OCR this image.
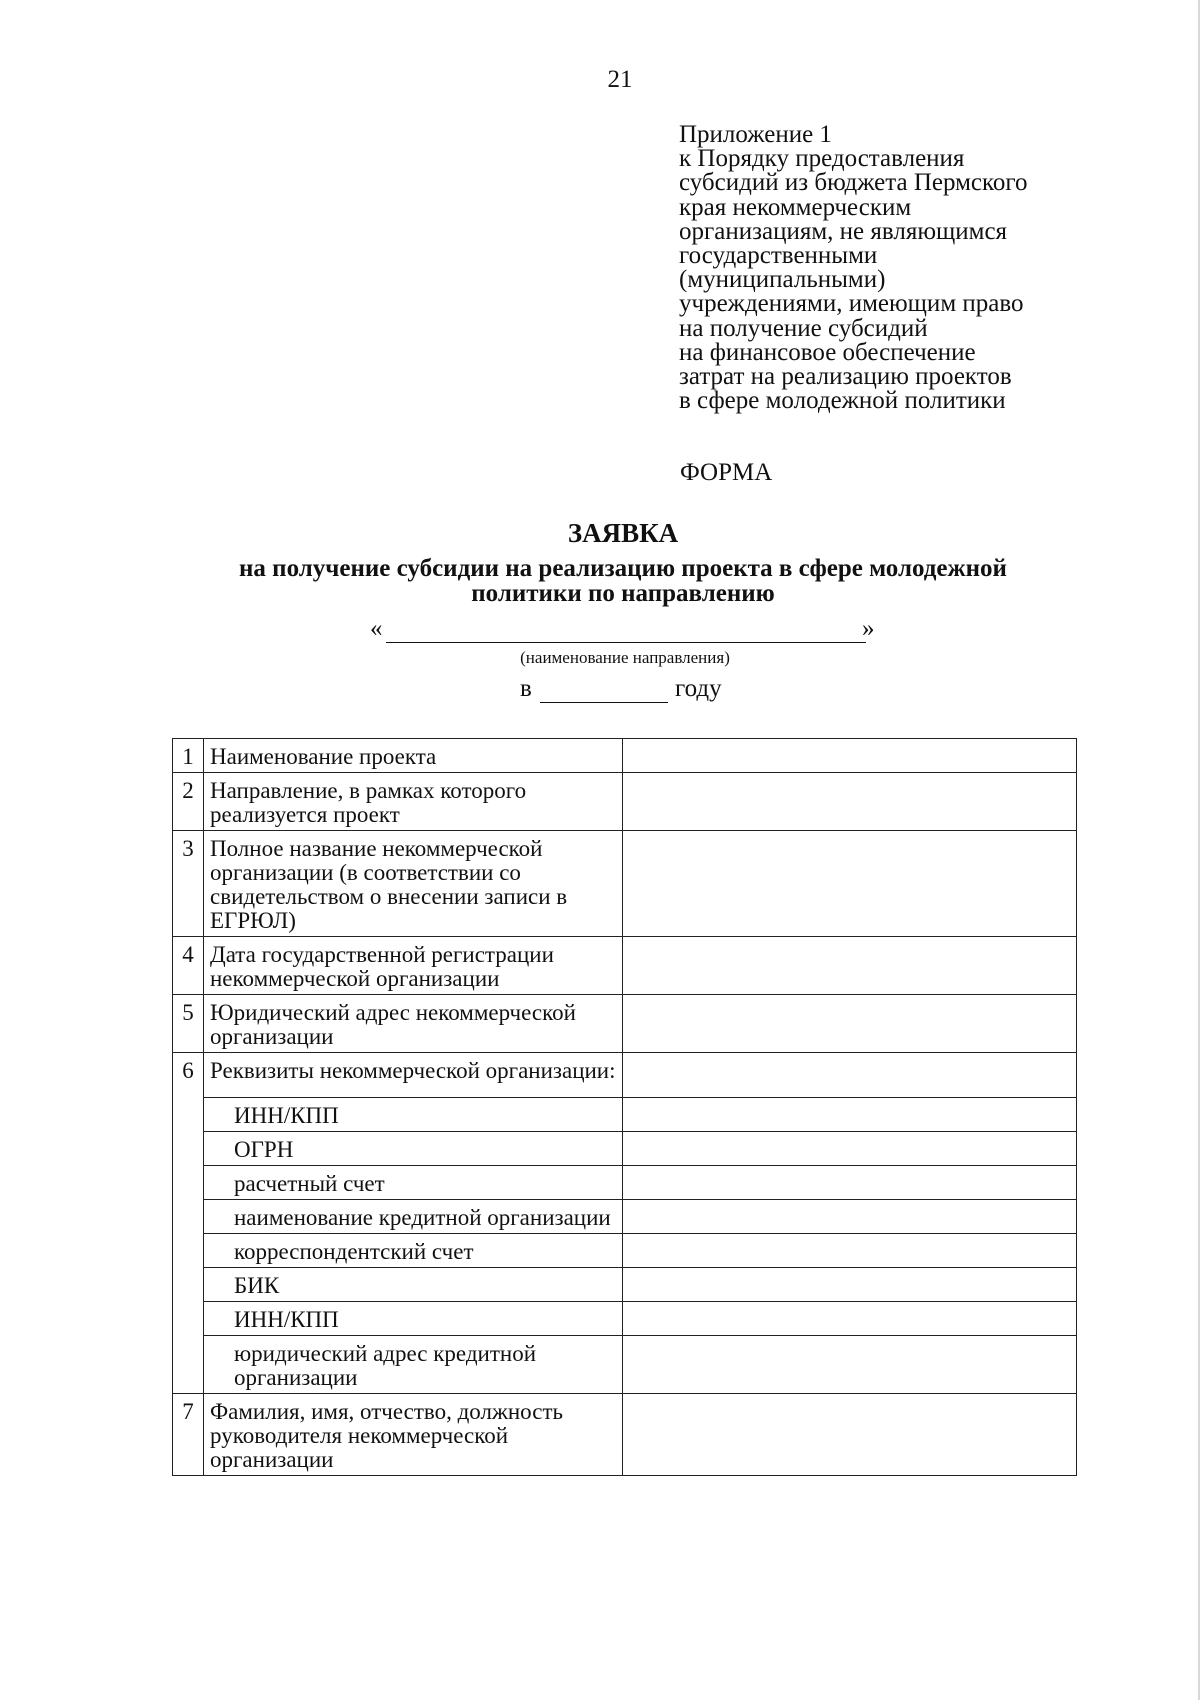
21
Приложение 1
к Порядку предоставления
субсидий из бюджета Пермского
края некоммерческим
организациям, не являющимся
государственными
(муниципальными)
учреждениями, имеющим право
на получение субсидий
на финансовое обеспечение
затрат на реализацию проектов
в сфере молодежной политики
ФОРМА
ЗАЯВКА
на получение субсидии на реализацию проекта в сфере молодежной
политики по направлению
«	»
(наименование направления)
в	году
1	Наименование проекта	
2	Направление, в рамках которого реализуется проект	
3	Полное название некоммерческой организации (в соответствии со свидетельством о внесении записи в ЕГРЮЛ)	
4	Дата государственной регистрации некоммерческой организации	
5	Юридический адрес некоммерческой организации	
6	Реквизиты некоммерческой организации:	
	ИНН/КПП	
	ОГРН	
	расчетный счет	
	наименование кредитной организации	
	корреспондентский счет	
	БИК	
	ИНН/КПП	
	юридический адрес кредитной организации	
7	Фамилия, имя, отчество, должность руководителя некоммерческой организации	
